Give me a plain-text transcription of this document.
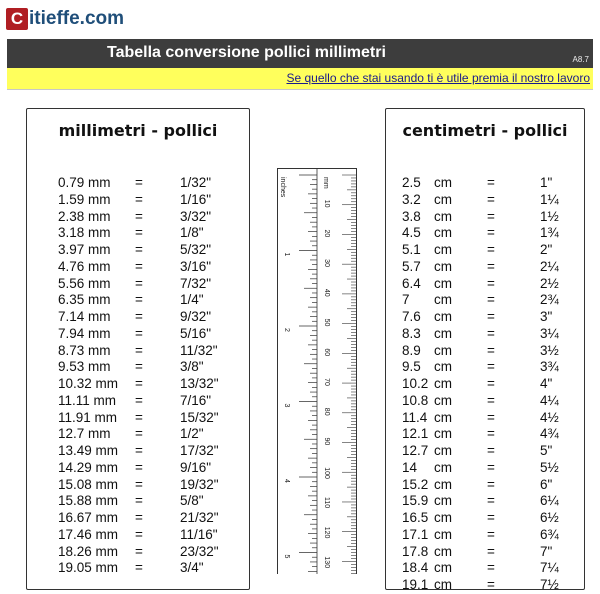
C itieffe.com
Tabella conversione pollici millimetri	A8.7
Se quello che stai usando ti è utile premia il nostro lavoro
millimetri - pollici
0.79 mm =	1/32"
1.59 mm =	1/16"
2.38 mm =	3/32"
3.18 mm =	1/8"
3.97 mm =	5/32"
4.76 mm =	3/16"
5.56 mm =	7/32"
6.35 mm =	1/4"
7.14 mm =	9/32"
7.94 mm =	5/16"
8.73 mm =	11/32"
9.53 mm =	3/8"
10.32 mm =	13/32"
11.11 mm =	7/16"
11.91 mm =	15/32"
12.7 mm =	1/2"
13.49 mm =	17/32"
14.29 mm =	9/16"
15.08 mm =	19/32"
15.88 mm =	5/8"
16.67 mm =	21/32"
17.46 mm =	11/16"
18.26 mm =	23/32"
19.05 mm =	3/4"
inches	mm
10
20
30
40
50
60
70
80
90
100
110
120
130
1
2
3
4
5
centimetri - pollici
2.5 cm	=	1"
3.2 cm	=	1¼
3.8 cm	=	1½
4.5 cm	=	1¾
5.1 cm	=	2"
5.7 cm	=	2¼
6.4 cm	=	2½
7 cm	=	2¾
7.6 cm	=	3"
8.3 cm	=	3¼
8.9 cm	=	3½
9.5 cm	=	3¾
10.2 cm	=	4"
10.8 cm	=	4¼
11.4 cm	=	4½
12.1 cm	=	4¾
12.7 cm	=	5"
14 cm	=	5½
15.2 cm	=	6"
15.9 cm	=	6¼
16.5 cm	=	6½
17.1 cm	=	6¾
17.8 cm	=	7"
18.4 cm	=	7¼
19.1 cm	=	7½
